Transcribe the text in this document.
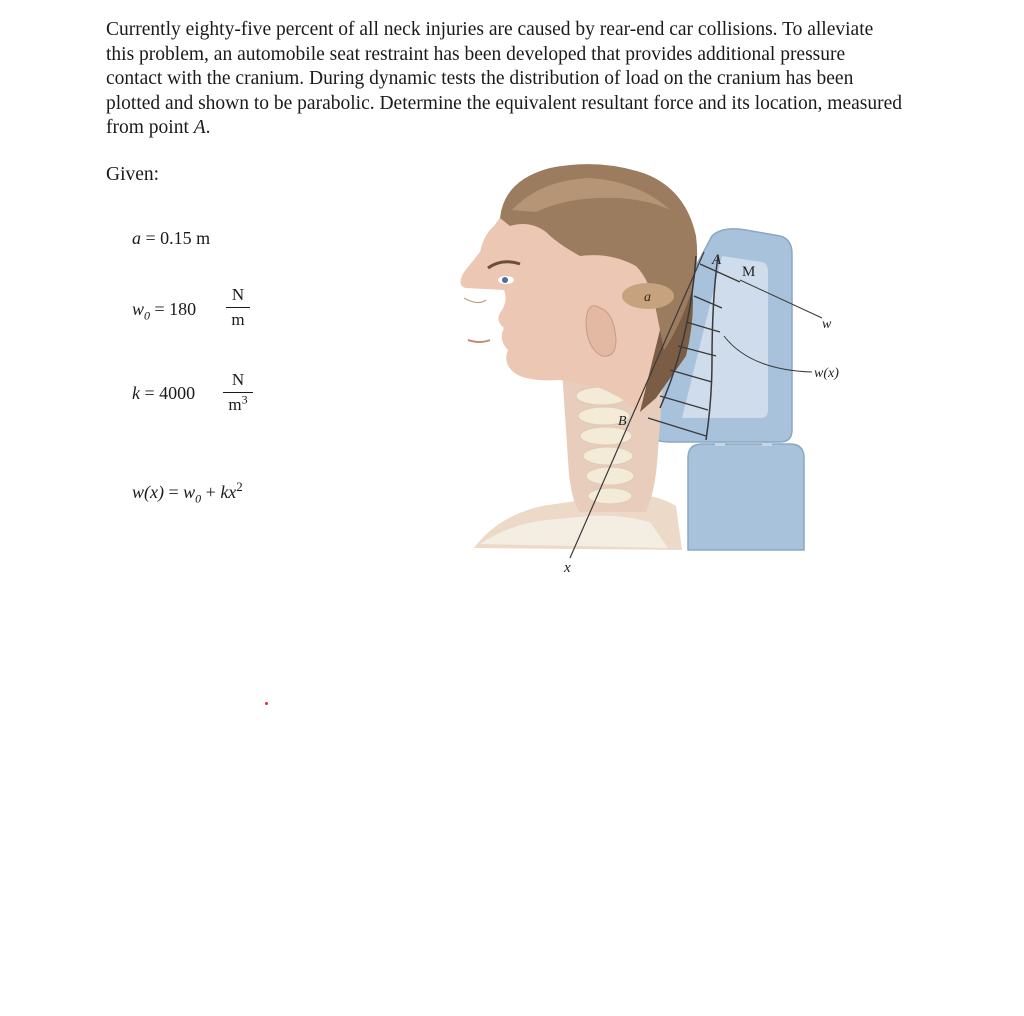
Currently eighty-five percent of all neck injuries are caused by rear-end car collisions. To alleviate this problem, an automobile seat restraint has been developed that provides additional pressure contact with the cranium. During dynamic tests the distribution of load on the cranium has been plotted and shown to be parabolic. Determine the equivalent resultant force and its location, measured from point A.
Given:
a = 0.15 m
$w_0 = 180 \frac{N}{m}$
$k = 4000 \frac{N}{m^3}$
$w(x) = w_0 + kx^2$
A
M
a
B
w
w(x)
x
